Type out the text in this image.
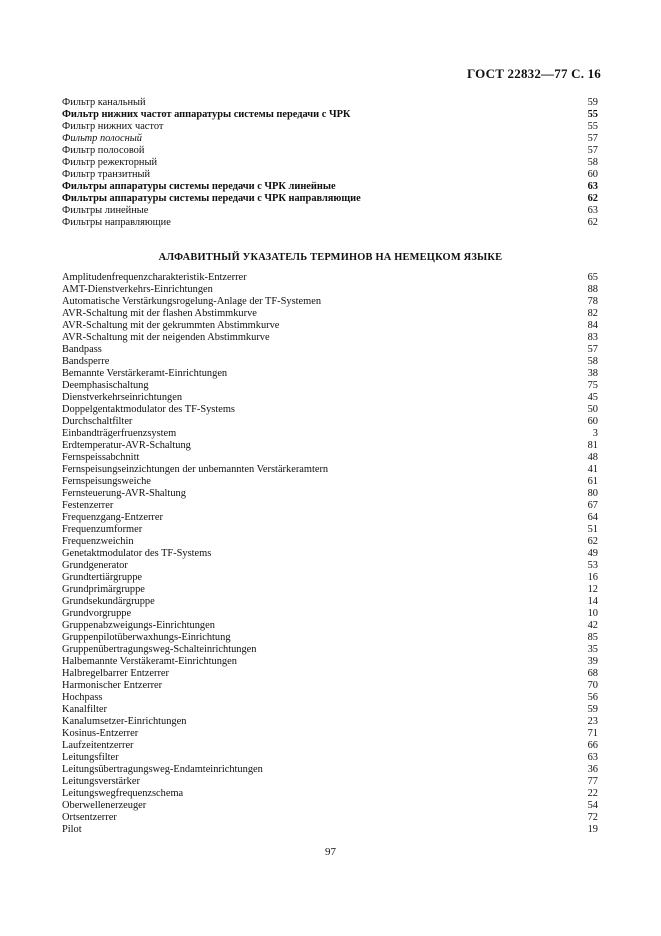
ГОСТ 22832—77 С. 16
Фильтр канальный	59
Фильтр нижних частот аппаратуры системы передачи с ЧРК	55
Фильтр нижних частот	55
Фильтр полосный	57
Фильтр полосовой	57
Фильтр режекторный	58
Фильтр транзитный	60
Фильтры аппаратуры системы передачи с ЧРК линейные	63
Фильтры аппаратуры системы передачи с ЧРК направляющие	62
Фильтры линейные	63
Фильтры направляющие	62
АЛФАВИТНЫЙ УКАЗАТЕЛЬ ТЕРМИНОВ НА НЕМЕЦКОМ ЯЗЫКЕ
Amplitudenfrequenzcharakteristik-Entzerrer	65
AMT-Dienstverkehrs-Einrichtungen	88
Automatische Verstärkungsrogelung-Anlage der TF-Systemen	78
AVR-Schaltung mit der flashen Abstimmkurve	82
AVR-Schaltung mit der gekrummten Abstimmkurve	84
AVR-Schaltung mit der neigenden Abstimmkurve	83
Bandpass	57
Bandsperre	58
Bemannte Verstärkeramt-Einrichtungen	38
Deemphasischaltung	75
Dienstverkehrseinrichtungen	45
Doppelgentaktmodulator des TF-Systems	50
Durchschaltfilter	60
Einbandträgerfruenzsystem	3
Erdtemperatur-AVR-Schaltung	81
Fernspeissabchnitt	48
Fernspeisungseinzichtungen der unbemannten Verstärkeramtern	41
Fernspeisungsweiche	61
Fernsteuerung-AVR-Shaltung	80
Festenzerrer	67
Frequenzgang-Entzerrer	64
Frequenzumformer	51
Frequenzweichin	62
Genetaktmodulator des TF-Systems	49
Grundgenerator	53
Grundtertiärgruppe	16
Grundprimärgruppe	12
Grundsekundärgruppe	14
Grundvorgruppe	10
Gruppenabzweigungs-Einrichtungen	42
Gruppenpilotüberwaxhungs-Einrichtung	85
Gruppenübertragungsweg-Schalteinrichtungen	35
Halbemannte Verstäkeramt-Einrichtungen	39
Halbregelbarrer Entzerrer	68
Harmonischer Entzerrer	70
Hochpass	56
Kanalfilter	59
Kanalumsetzer-Einrichtungen	23
Kosinus-Entzerrer	71
Laufzeitentzerrer	66
Leitungsfilter	63
Leitungsübertragungsweg-Endamteinrichtungen	36
Leitungsverstärker	77
Leitungswegfrequenzschema	22
Oberwellenerzeuger	54
Ortsentzerrer	72
Pilot	19
97
